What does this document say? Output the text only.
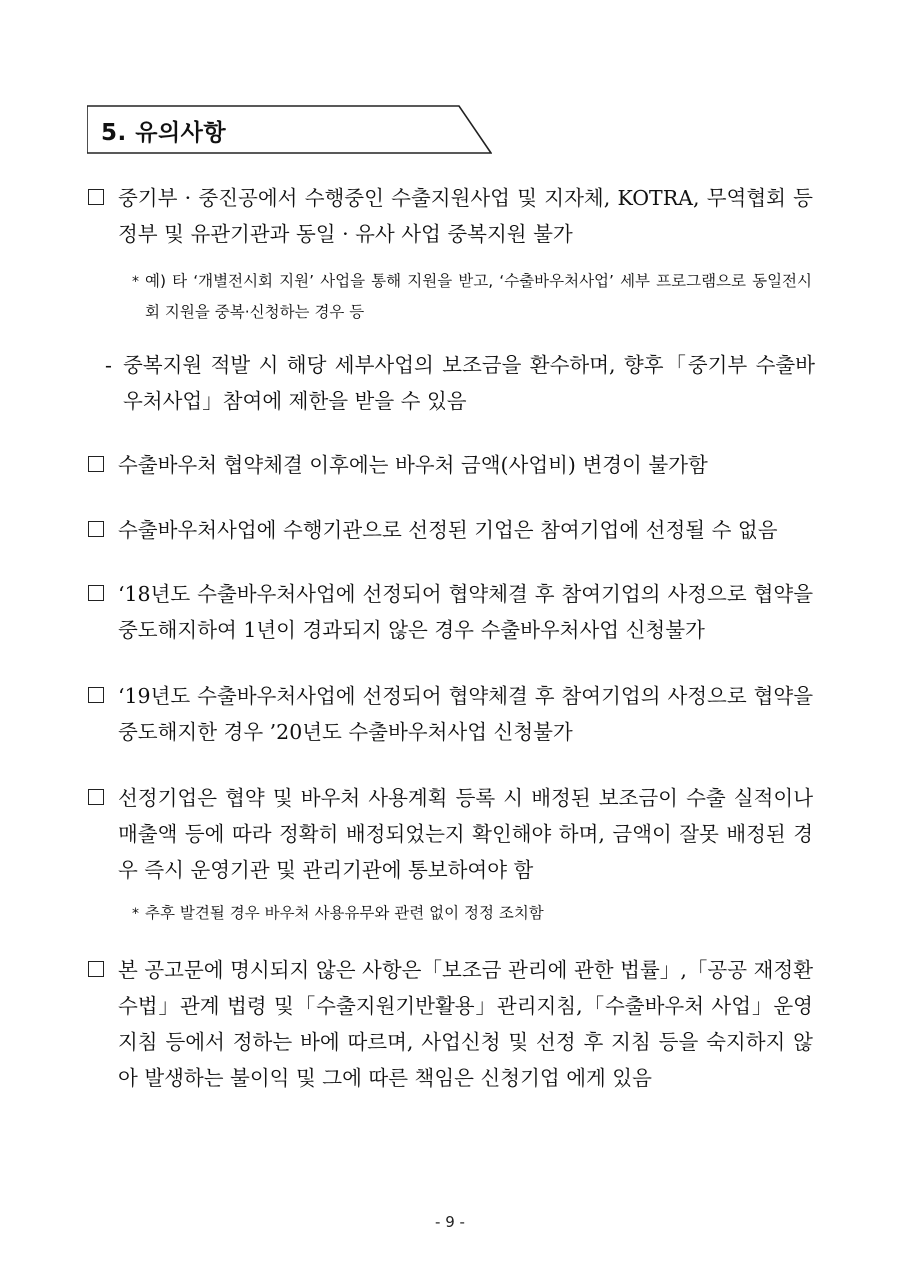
5. 유의사항

중기부 · 중진공에서 수행중인 수출지원사업 및 지자체, KOTRA, 무역협회 등 정부 및 유관기관과 동일 · 유사 사업 중복지원 불가

* 예) 타 ‘개별전시회 지원’ 사업을 통해 지원을 받고, ‘수출바우처사업’ 세부 프로그램으로 동일전시회 지원을 중복·신청하는 경우 등

- 중복지원 적발 시 해당 세부사업의 보조금을 환수하며, 향후「중기부 수출바우처사업」참여에 제한을 받을 수 있음

수출바우처 협약체결 이후에는 바우처 금액(사업비) 변경이 불가함

수출바우처사업에 수행기관으로 선정된 기업은 참여기업에 선정될 수 없음

‘18년도 수출바우처사업에 선정되어 협약체결 후 참여기업의 사정으로 협약을 중도해지하여 1년이 경과되지 않은 경우 수출바우처사업 신청불가

‘19년도 수출바우처사업에 선정되어 협약체결 후 참여기업의 사정으로 협약을 중도해지한 경우 ’20년도 수출바우처사업 신청불가

선정기업은 협약 및 바우처 사용계획 등록 시 배정된 보조금이 수출 실적이나 매출액 등에 따라 정확히 배정되었는지 확인해야 하며, 금액이 잘못 배정된 경우 즉시 운영기관 및 관리기관에 통보하여야 함

* 추후 발견될 경우 바우처 사용유무와 관련 없이 정정 조치함

본 공고문에 명시되지 않은 사항은「보조금 관리에 관한 법률」,「공공 재정환수법」관계 법령 및「수출지원기반활용」관리지침,「수출바우처 사업」운영지침 등에서 정하는 바에 따르며, 사업신청 및 선정 후 지침 등을 숙지하지 않아 발생하는 불이익 및 그에 따른 책임은 신청기업 에게 있음

- 9 -
